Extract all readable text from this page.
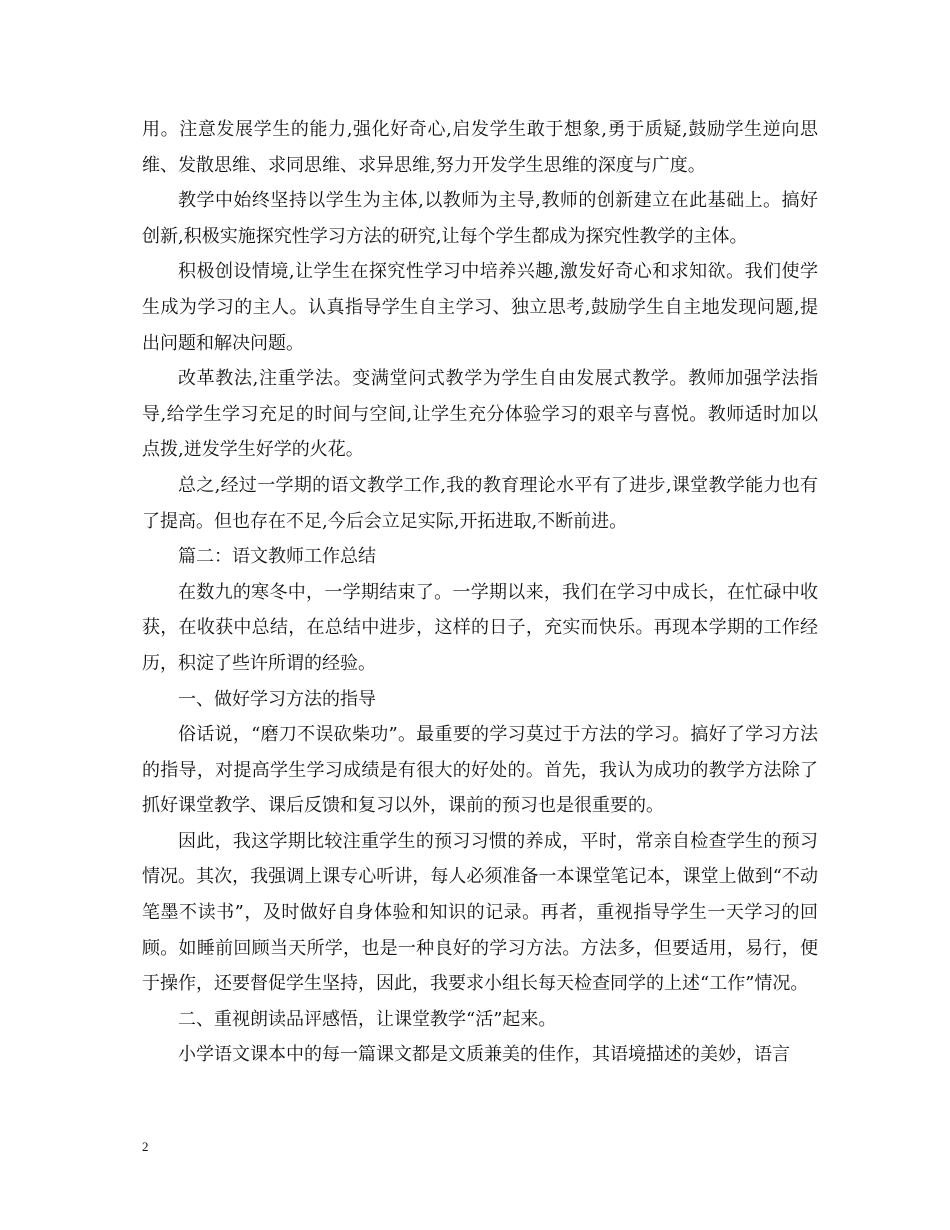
用。注意发展学生的能力,强化好奇心,启发学生敢于想象,勇于质疑,鼓励学生逆向思维、发散思维、求同思维、求异思维,努力开发学生思维的深度与广度。

教学中始终坚持以学生为主体,以教师为主导,教师的创新建立在此基础上。搞好创新,积极实施探究性学习方法的研究,让每个学生都成为探究性教学的主体。

积极创设情境,让学生在探究性学习中培养兴趣,激发好奇心和求知欲。我们使学生成为学习的主人。认真指导学生自主学习、独立思考,鼓励学生自主地发现问题,提出问题和解决问题。

改革教法,注重学法。变满堂问式教学为学生自由发展式教学。教师加强学法指导,给学生学习充足的时间与空间,让学生充分体验学习的艰辛与喜悦。教师适时加以点拨,迸发学生好学的火花。

总之,经过一学期的语文教学工作,我的教育理论水平有了进步,课堂教学能力也有了提高。但也存在不足,今后会立足实际,开拓进取,不断前进。

篇二：语文教师工作总结

在数九的寒冬中，一学期结束了。一学期以来，我们在学习中成长，在忙碌中收获，在收获中总结，在总结中进步，这样的日子，充实而快乐。再现本学期的工作经历，积淀了些许所谓的经验。

一、做好学习方法的指导

俗话说，“磨刀不误砍柴功”。最重要的学习莫过于方法的学习。搞好了学习方法的指导，对提高学生学习成绩是有很大的好处的。首先，我认为成功的教学方法除了抓好课堂教学、课后反馈和复习以外，课前的预习也是很重要的。

因此，我这学期比较注重学生的预习习惯的养成，平时，常亲自检查学生的预习情况。其次，我强调上课专心听讲，每人必须准备一本课堂笔记本，课堂上做到“不动笔墨不读书”，及时做好自身体验和知识的记录。再者，重视指导学生一天学习的回顾。如睡前回顾当天所学，也是一种良好的学习方法。方法多，但要适用，易行，便于操作，还要督促学生坚持，因此，我要求小组长每天检查同学的上述“工作”情况。

二、重视朗读品评感悟，让课堂教学“活”起来。

小学语文课本中的每一篇课文都是文质兼美的佳作，其语境描述的美妙，语言

2
